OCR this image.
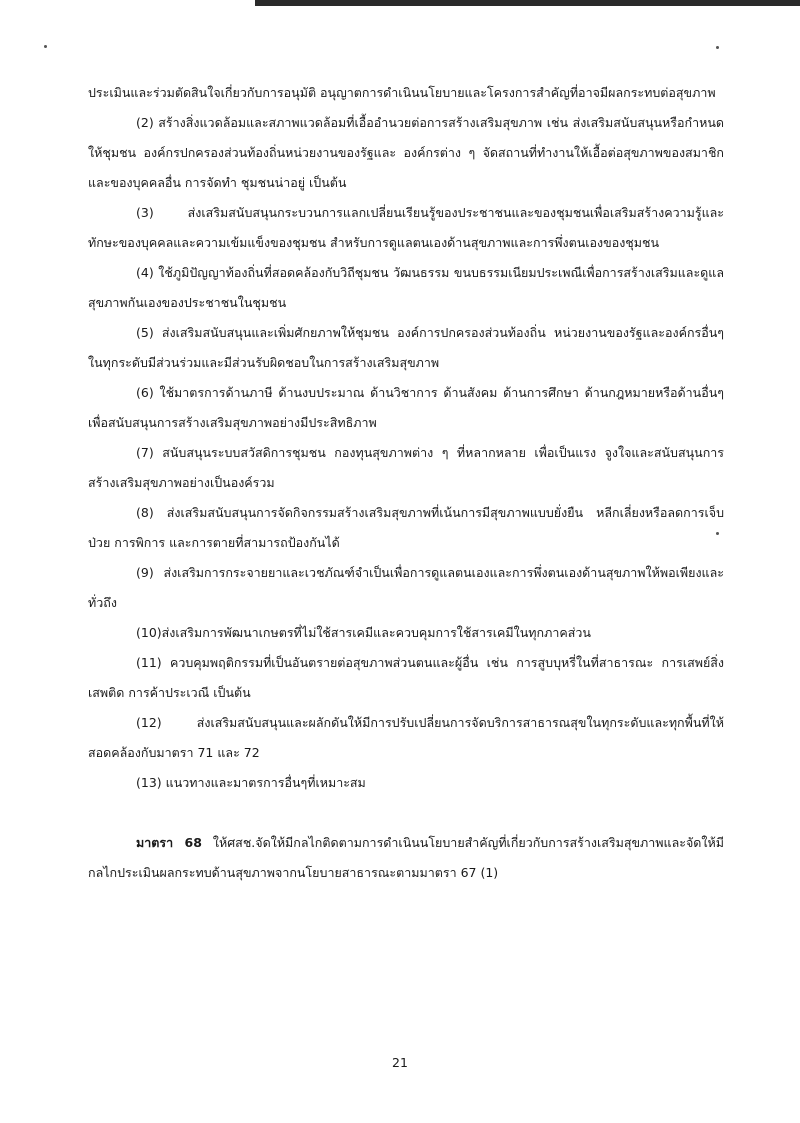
ประเมินและร่วมตัดสินใจเกี่ยวกับการอนุมัติ อนุญาตการดำเนินนโยบายและโครงการสำคัญที่อาจมีผลกระทบต่อสุขภาพ

(2) สร้างสิ่งแวดล้อมและสภาพแวดล้อมที่เอื้ออำนวยต่อการสร้างเสริมสุขภาพ เช่น ส่งเสริมสนับสนุนหรือกำหนดให้ชุมชน องค์กรปกครองส่วนท้องถิ่นหน่วยงานของรัฐและ องค์กรต่าง ๆ จัดสถานที่ทำงานให้เอื้อต่อสุขภาพของสมาชิกและของบุคคลอื่น การจัดทำ ชุมชนน่าอยู่ เป็นต้น

(3) ส่งเสริมสนับสนุนกระบวนการแลกเปลี่ยนเรียนรู้ของประชาชนและของชุมชนเพื่อเสริมสร้างความรู้และทักษะของบุคคลและความเข้มแข็งของชุมชน สำหรับการดูแลตนเองด้านสุขภาพและการพึ่งตนเองของชุมชน

(4) ใช้ภูมิปัญญาท้องถิ่นที่สอดคล้องกับวิถีชุมชน วัฒนธรรม ขนบธรรมเนียมประเพณีเพื่อการสร้างเสริมและดูแลสุขภาพกันเองของประชาชนในชุมชน

(5) ส่งเสริมสนับสนุนและเพิ่มศักยภาพให้ชุมชน องค์การปกครองส่วนท้องถิ่น หน่วยงานของรัฐและองค์กรอื่นๆในทุกระดับมีส่วนร่วมและมีส่วนรับผิดชอบในการสร้างเสริมสุขภาพ

(6) ใช้มาตรการด้านภาษี ด้านงบประมาณ ด้านวิชาการ ด้านสังคม ด้านการศึกษา ด้านกฎหมายหรือด้านอื่นๆ เพื่อสนับสนุนการสร้างเสริมสุขภาพอย่างมีประสิทธิภาพ

(7) สนับสนุนระบบสวัสดิการชุมชน กองทุนสุขภาพต่าง ๆ ที่หลากหลาย เพื่อเป็นแรง จูงใจและสนับสนุนการสร้างเสริมสุขภาพอย่างเป็นองค์รวม

(8) ส่งเสริมสนับสนุนการจัดกิจกรรมสร้างเสริมสุขภาพที่เน้นการมีสุขภาพแบบยั่งยืน หลีกเลี่ยงหรือลดการเจ็บป่วย การพิการ และการตายที่สามารถป้องกันได้

(9) ส่งเสริมการกระจายยาและเวชภัณฑ์จำเป็นเพื่อการดูแลตนเองและการพึ่งตนเองด้านสุขภาพให้พอเพียงและทั่วถึง

(10)ส่งเสริมการพัฒนาเกษตรที่ไม่ใช้สารเคมีและควบคุมการใช้สารเคมีในทุกภาคส่วน

(11) ควบคุมพฤติกรรมที่เป็นอันตรายต่อสุขภาพส่วนตนและผู้อื่น เช่น การสูบบุหรี่ในที่สาธารณะ การเสพย์สิ่งเสพติด การค้าประเวณี เป็นต้น

(12) ส่งเสริมสนับสนุนและผลักดันให้มีการปรับเปลี่ยนการจัดบริการสาธารณสุขในทุกระดับและทุกพื้นที่ให้สอดคล้องกับมาตรา 71 และ 72

(13) แนวทางและมาตรการอื่นๆที่เหมาะสม

มาตรา 68 ให้ศสช.จัดให้มีกลไกติดตามการดำเนินนโยบายสำคัญที่เกี่ยวกับการสร้างเสริมสุขภาพและจัดให้มีกลไกประเมินผลกระทบด้านสุขภาพจากนโยบายสาธารณะตามมาตรา 67 (1)

21
